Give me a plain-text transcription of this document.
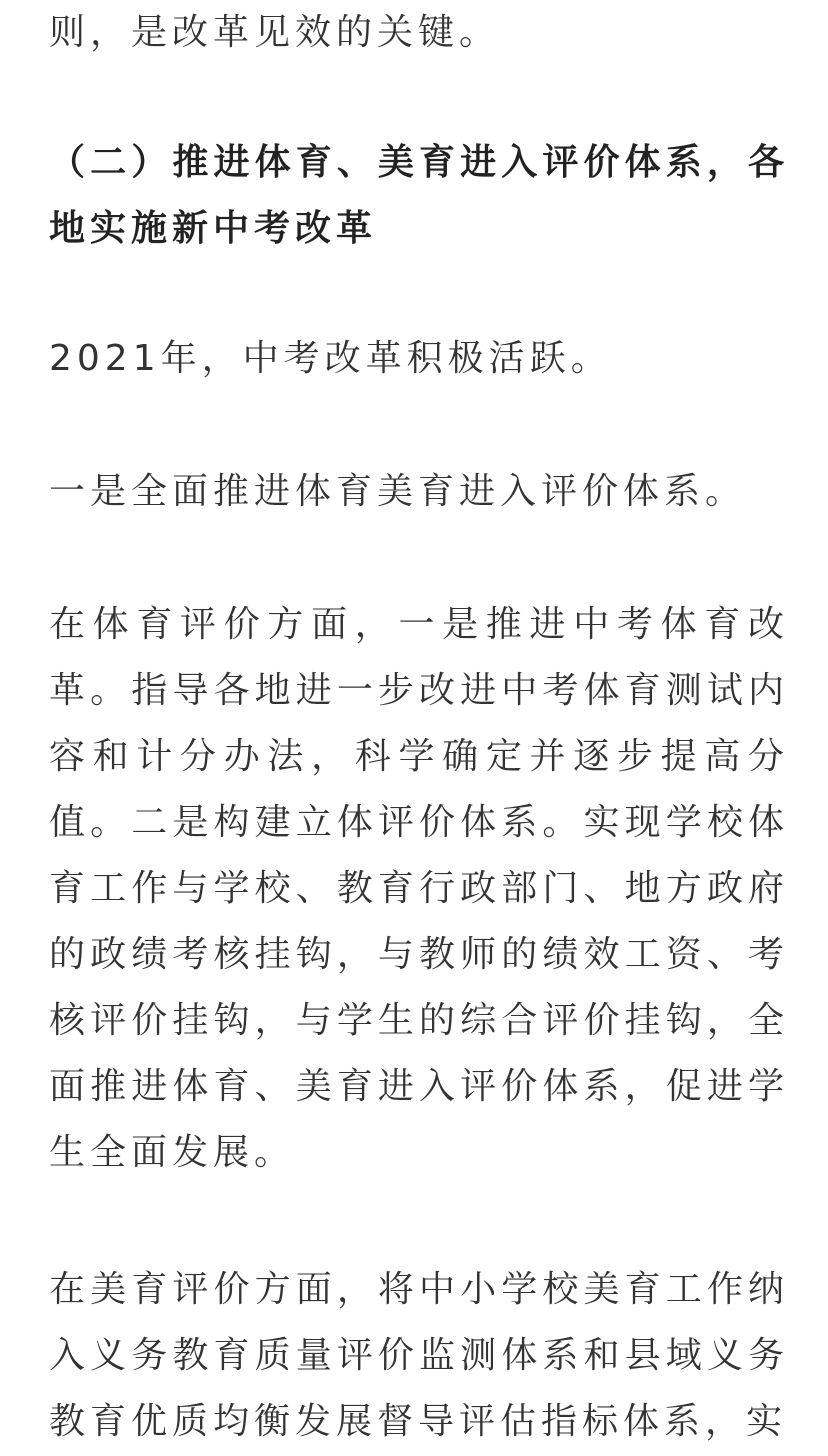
则，是改革见效的关键。

（二）推进体育、美育进入评价体系，各地实施新中考改革

2021年，中考改革积极活跃。

一是全面推进体育美育进入评价体系。

在体育评价方面，一是推进中考体育改革。指导各地进一步改进中考体育测试内容和计分办法，科学确定并逐步提高分值。二是构建立体评价体系。实现学校体育工作与学校、教育行政部门、地方政府的政绩考核挂钩，与教师的绩效工资、考核评价挂钩，与学生的综合评价挂钩，全面推进体育、美育进入评价体系，促进学生全面发展。

在美育评价方面，将中小学校美育工作纳入义务教育质量评价监测体系和县域义务教育优质均衡发展督导评估指标体系，实
